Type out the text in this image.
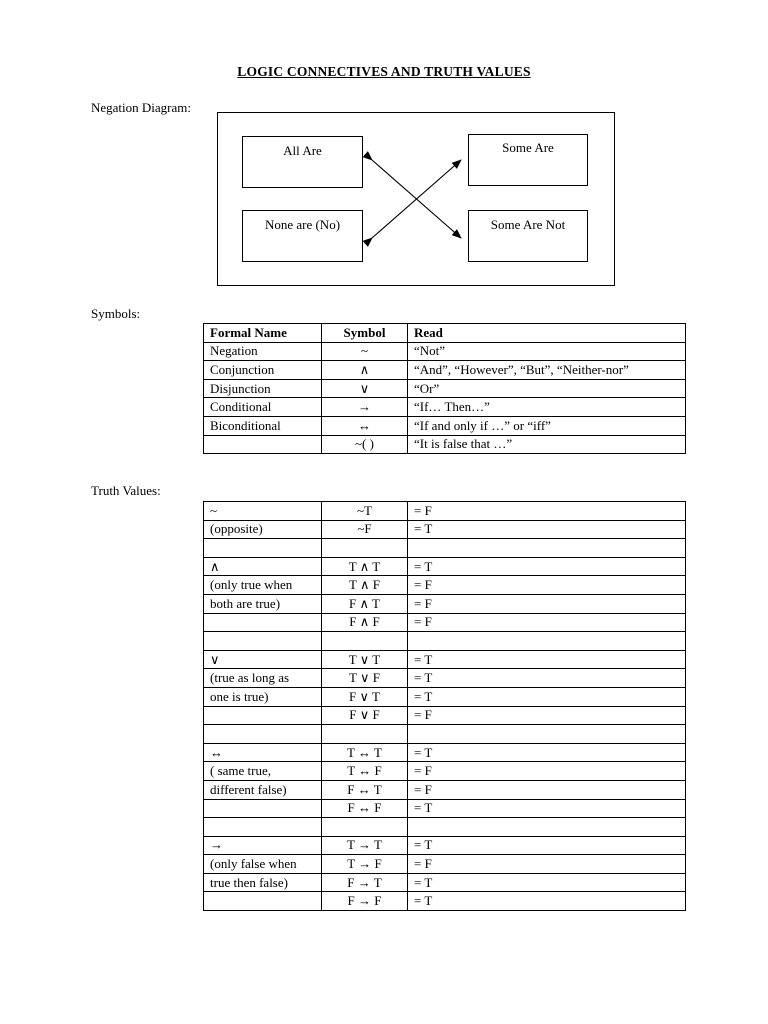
LOGIC CONNECTIVES AND TRUTH VALUES
Negation Diagram:
All Are	Some Are
None are (No)	Some Are Not
Symbols:
Formal Name	Symbol	Read
Negation	~	“Not”
Conjunction	∧	“And”, “However”, “But”, “Neither-nor”
Disjunction	∨	“Or”
Conditional	→	“If… Then…”
Biconditional	↔	“If and only if …” or “iff”
	~( )	“It is false that …”
Truth Values:
~	~T	= F
(opposite)	~F	= T

∧	T ∧ T	= T
(only true when	T ∧ F	= F
both are true)	F ∧ T	= F
	F ∧ F	= F

∨	T ∨ T	= T
(true as long as	T ∨ F	= T
one is true)	F ∨ T	= T
	F ∨ F	= F

↔	T ↔ T	= T
( same true,	T ↔ F	= F
different false)	F ↔ T	= F
	F ↔ F	= T

→	T → T	= T
(only false when	T → F	= F
true then false)	F → T	= T
	F → F	= T
